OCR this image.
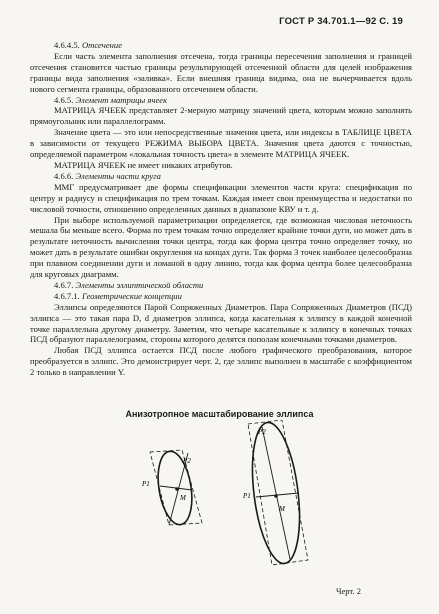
ГОСТ Р 34.701.1—92 С. 19

4.6.4.5. Отсечение

Если часть элемента заполнения отсечена, тогда границы пересечения заполнения и границей отсечения становится частью границы результирующей отсеченной области для целей изображения границы вида заполнения «заливка». Если внешняя граница видима, она не вычерчивается вдоль нового сегмента границы, образованного отсечением области.

4.6.5. Элемент матрицы ячеек

МАТРИЦА ЯЧЕЕК представляет 2-мерную матрицу значений цвета, которым можно заполнять прямоугольник или параллелограмм.

Значение цвета — это или непосредственные значения цвета, или индексы в ТАБЛИЦЕ ЦВЕТА в зависимости от текущего РЕЖИМА ВЫБОРА ЦВЕТА. Значения цвета даются с точностью, определяемой параметром «локальная точность цвета» в элементе МАТРИЦА ЯЧЕЕК.

МАТРИЦА ЯЧЕЕК не имеет никаких атрибутов.

4.6.6. Элементы части круга

ММГ предусматривает две формы спецификации элементов части круга: спецификация по центру и радиусу и спецификация по трем точкам. Каждая имеет свои преимущества и недостатки по числовой точности, отношению определенных данных в диапазоне КВУ и т. д.

При выборе используемой параметризации определяется, где возможная числовая неточность мешала бы меньше всего. Форма по трем точкам точно определяет крайние точки дуги, но может дать в результате неточность вычисления точки центра, тогда как форма центра точно определяет точку, но может дать в результате ошибки округления на концах дуги. Так форма 3 точек наиболее целесообразна при плавном соединении дуги и ломаной в одну линию, тогда как форма центра более целесообразна для круговых диаграмм.

4.6.7. Элементы эллиптической области

4.6.7.1. Геометрические концепции

Эллипсы определяются Парой Сопряженных Диаметров. Пара Сопряженных Диаметров (ПСД) эллипса — это такая пара D, d диаметров эллипса, когда касательная к эллипсу в каждой конечной точке параллельна другому диаметру. Заметим, что четыре касательные к эллипсу в конечных точках ПСД образуют параллелограмм, стороны которого делятся пополам конечными точками диаметров.

Любая ПСД эллипса остается ПСД после любого графического преобразования, которое преобразуется в эллипс. Это демонстрирует черт. 2, где эллипс выполнен в масштабе с коэффициентом 2 только в направлении Y.

Анизотропное масштабирование эллипса
P1
P2
M
P2
P1
M
Черт. 2
